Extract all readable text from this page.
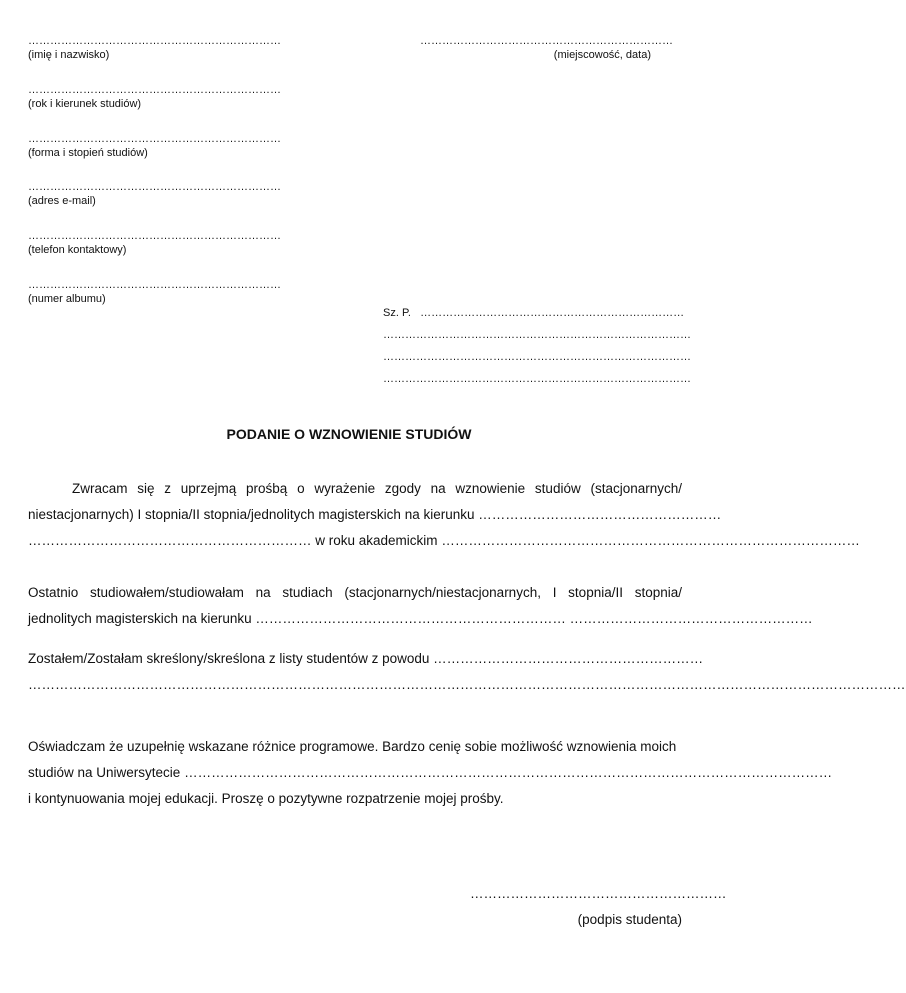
……………………………………………………………
(imię i nazwisko)
……………………………………………………………
(miejscowość, data)
……………………………………………………………
(rok i kierunek studiów)
……………………………………………………………
(forma i stopień studiów)
……………………………………………………………
(adres e-mail)
……………………………………………………………
(telefon kontaktowy)
……………………………………………………………
(numer albumu)
Sz. P. ………………………………………………………………
…………………………………………………………………………
…………………………………………………………………………
…………………………………………………………………………
PODANIE O WZNOWIENIE STUDIÓW
Zwracam się z uprzejmą prośbą o wyrażenie zgody na wznowienie studiów (stacjonarnych/
niestacjonarnych) I stopnia/II stopnia/jednolitych magisterskich na kierunku ………………………………………………
……………………………………………………… w roku akademickim …………………………………………………………………………………
Ostatnio studiowałem/studiowałam na studiach (stacjonarnych/niestacjonarnych, I stopnia/II stopnia/
jednolitych magisterskich na kierunku …………………………………………………………… ………………………………………………
Zostałem/Zostałam skreślony/skreślona z listy studentów z powodu ……………………………………………………
……………………………………………………………………………………………………………………………………………………………………………
Oświadczam że uzupełnię wskazane różnice programowe. Bardzo cenię sobie możliwość wznowienia moich
studiów na Uniwersytecie ………………………………………………………………………………………………………………………………
i kontynuowania mojej edukacji. Proszę o pozytywne rozpatrzenie mojej prośby.
…………………………………………………
(podpis studenta)
